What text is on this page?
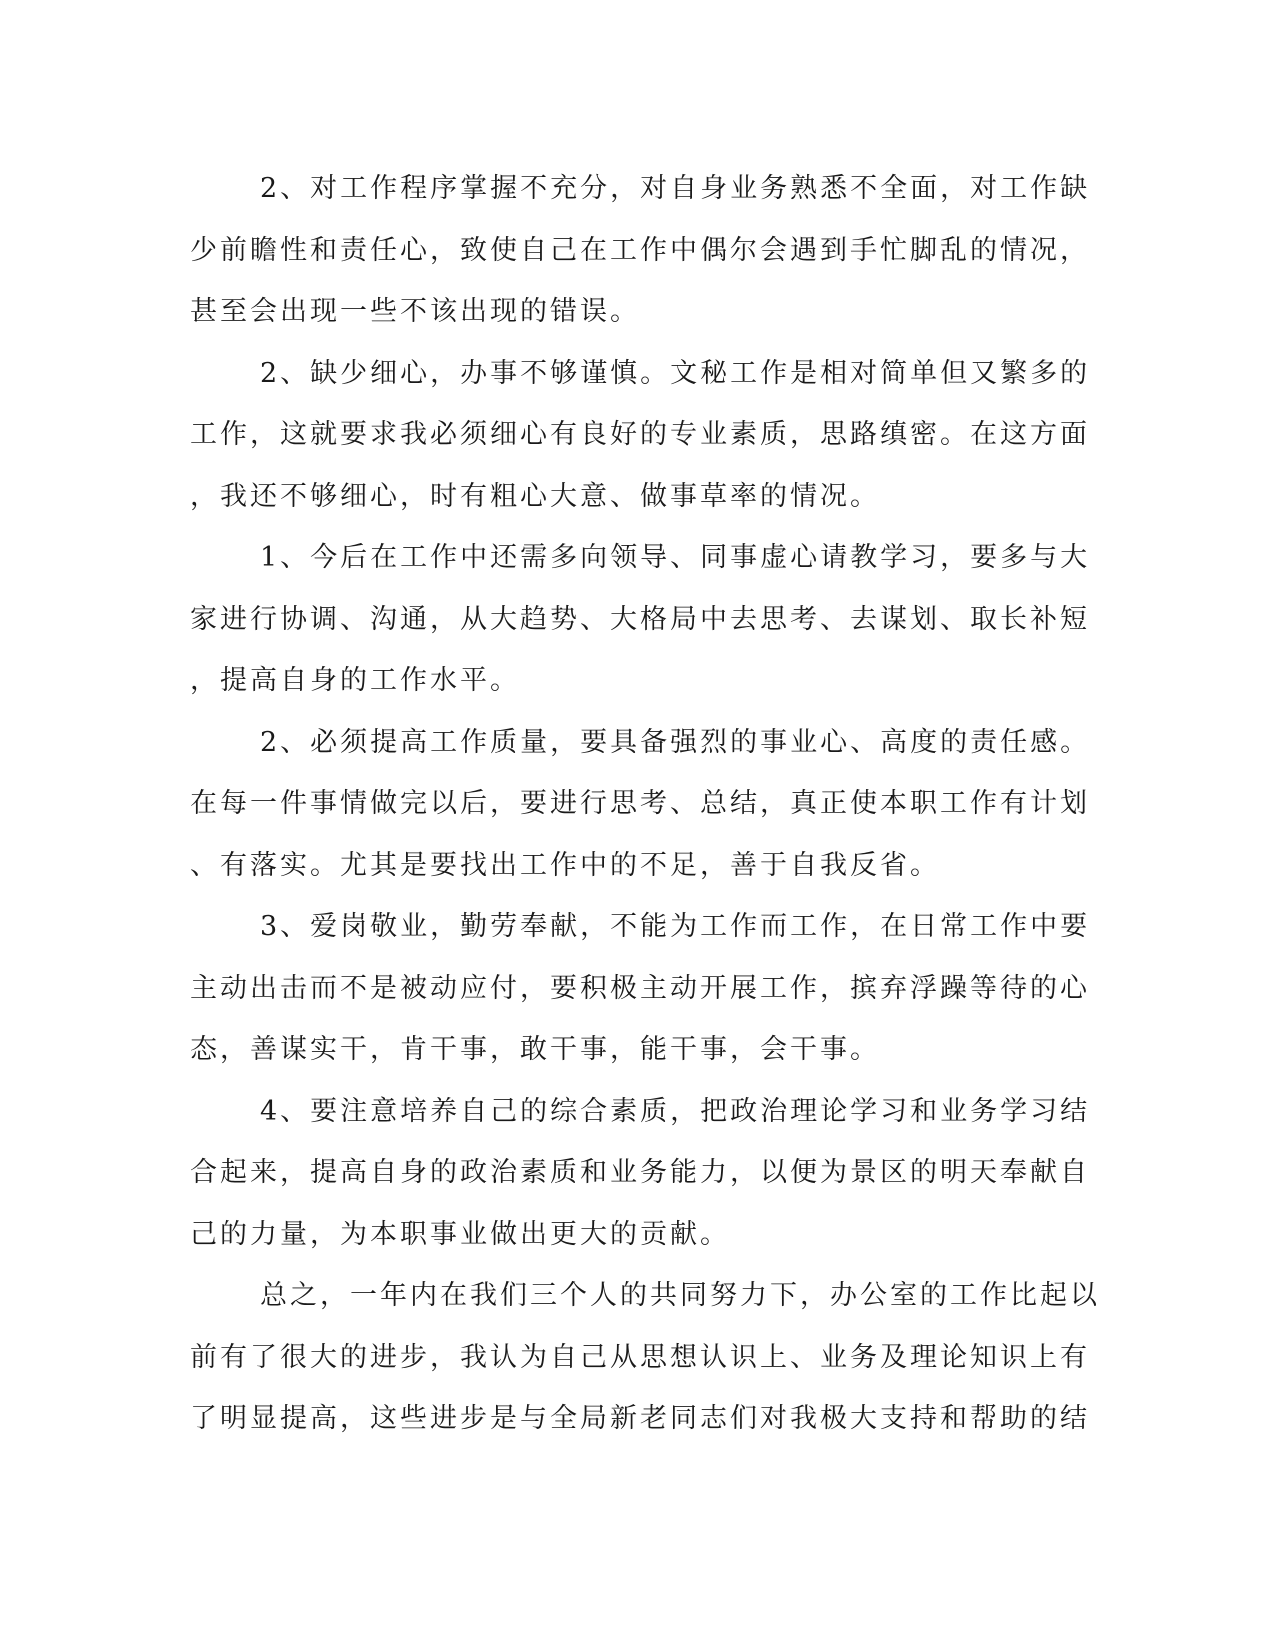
2、对工作程序掌握不充分，对自身业务熟悉不全面，对工作缺
少前瞻性和责任心，致使自己在工作中偶尔会遇到手忙脚乱的情况，
甚至会出现一些不该出现的错误。
2、缺少细心，办事不够谨慎。文秘工作是相对简单但又繁多的
工作，这就要求我必须细心有良好的专业素质，思路缜密。在这方面
，我还不够细心，时有粗心大意、做事草率的情况。
1、今后在工作中还需多向领导、同事虚心请教学习，要多与大
家进行协调、沟通，从大趋势、大格局中去思考、去谋划、取长补短
，提高自身的工作水平。
2、必须提高工作质量，要具备强烈的事业心、高度的责任感。
在每一件事情做完以后，要进行思考、总结，真正使本职工作有计划
、有落实。尤其是要找出工作中的不足，善于自我反省。
3、爱岗敬业，勤劳奉献，不能为工作而工作，在日常工作中要
主动出击而不是被动应付，要积极主动开展工作，摈弃浮躁等待的心
态，善谋实干，肯干事，敢干事，能干事，会干事。
4、要注意培养自己的综合素质，把政治理论学习和业务学习结
合起来，提高自身的政治素质和业务能力，以便为景区的明天奉献自
己的力量，为本职事业做出更大的贡献。
总之，一年内在我们三个人的共同努力下，办公室的工作比起以
前有了很大的进步，我认为自己从思想认识上、业务及理论知识上有
了明显提高，这些进步是与全局新老同志们对我极大支持和帮助的结
